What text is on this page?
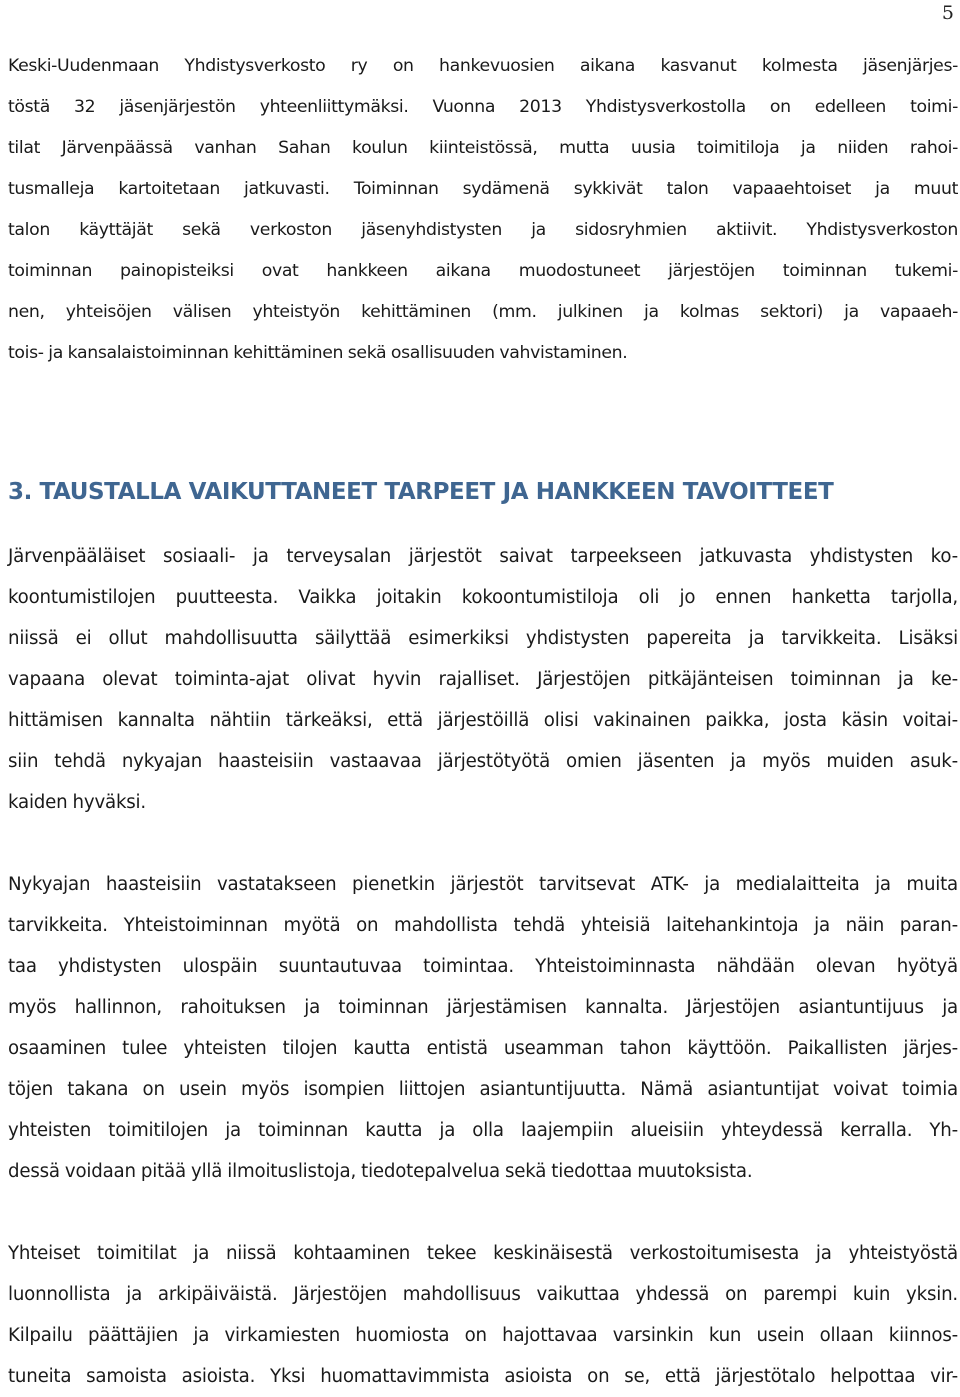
5

Keski-Uudenmaan Yhdistysverkosto ry on hankevuosien aikana kasvanut kolmesta jäsenjärjes-
töstä 32 jäsenjärjestön yhteenliittymäksi. Vuonna 2013 Yhdistysverkostolla on edelleen toimi-
tilat Järvenpäässä vanhan Sahan koulun kiinteistössä, mutta uusia toimitiloja ja niiden rahoi-
tusmalleja kartoitetaan jatkuvasti. Toiminnan sydämenä sykkivät talon vapaaehtoiset ja muut
talon käyttäjät sekä verkoston jäsenyhdistysten ja sidosryhmien aktiivit. Yhdistysverkoston
toiminnan painopisteiksi ovat hankkeen aikana muodostuneet järjestöjen toiminnan tukemi-
nen, yhteisöjen välisen yhteistyön kehittäminen (mm. julkinen ja kolmas sektori) ja vapaaeh-
tois- ja kansalaistoiminnan kehittäminen sekä osallisuuden vahvistaminen.

3. TAUSTALLA VAIKUTTANEET TARPEET JA HANKKEEN TAVOITTEET

Järvenpääläiset sosiaali- ja terveysalan järjestöt saivat tarpeekseen jatkuvasta yhdistysten ko-
koontumistilojen puutteesta. Vaikka joitakin kokoontumistiloja oli jo ennen hanketta tarjolla,
niissä ei ollut mahdollisuutta säilyttää esimerkiksi yhdistysten papereita ja tarvikkeita. Lisäksi
vapaana olevat toiminta-ajat olivat hyvin rajalliset. Järjestöjen pitkäjänteisen toiminnan ja ke-
hittämisen kannalta nähtiin tärkeäksi, että järjestöillä olisi vakinainen paikka, josta käsin voitai-
siin tehdä nykyajan haasteisiin vastaavaa järjestötyötä omien jäsenten ja myös muiden asuk-
kaiden hyväksi.

Nykyajan haasteisiin vastatakseen pienetkin järjestöt tarvitsevat ATK- ja medialaitteita ja muita
tarvikkeita. Yhteistoiminnan myötä on mahdollista tehdä yhteisiä laitehankintoja ja näin paran-
taa yhdistysten ulospäin suuntautuvaa toimintaa. Yhteistoiminnasta nähdään olevan hyötyä
myös hallinnon, rahoituksen ja toiminnan järjestämisen kannalta. Järjestöjen asiantuntijuus ja
osaaminen tulee yhteisten tilojen kautta entistä useamman tahon käyttöön. Paikallisten järjes-
töjen takana on usein myös isompien liittojen asiantuntijuutta. Nämä asiantuntijat voivat toimia
yhteisten toimitilojen ja toiminnan kautta ja olla laajempiin alueisiin yhteydessä kerralla. Yh-
dessä voidaan pitää yllä ilmoituslistoja, tiedotepalvelua sekä tiedottaa muutoksista.

Yhteiset toimitilat ja niissä kohtaaminen tekee keskinäisestä verkostoitumisesta ja yhteistyöstä
luonnollista ja arkipäiväistä. Järjestöjen mahdollisuus vaikuttaa yhdessä on parempi kuin yksin.
Kilpailu päättäjien ja virkamiesten huomiosta on hajottavaa varsinkin kun usein ollaan kiinnos-
tuneita samoista asioista. Yksi huomattavimmista asioista on se, että järjestötalo helpottaa vir-
